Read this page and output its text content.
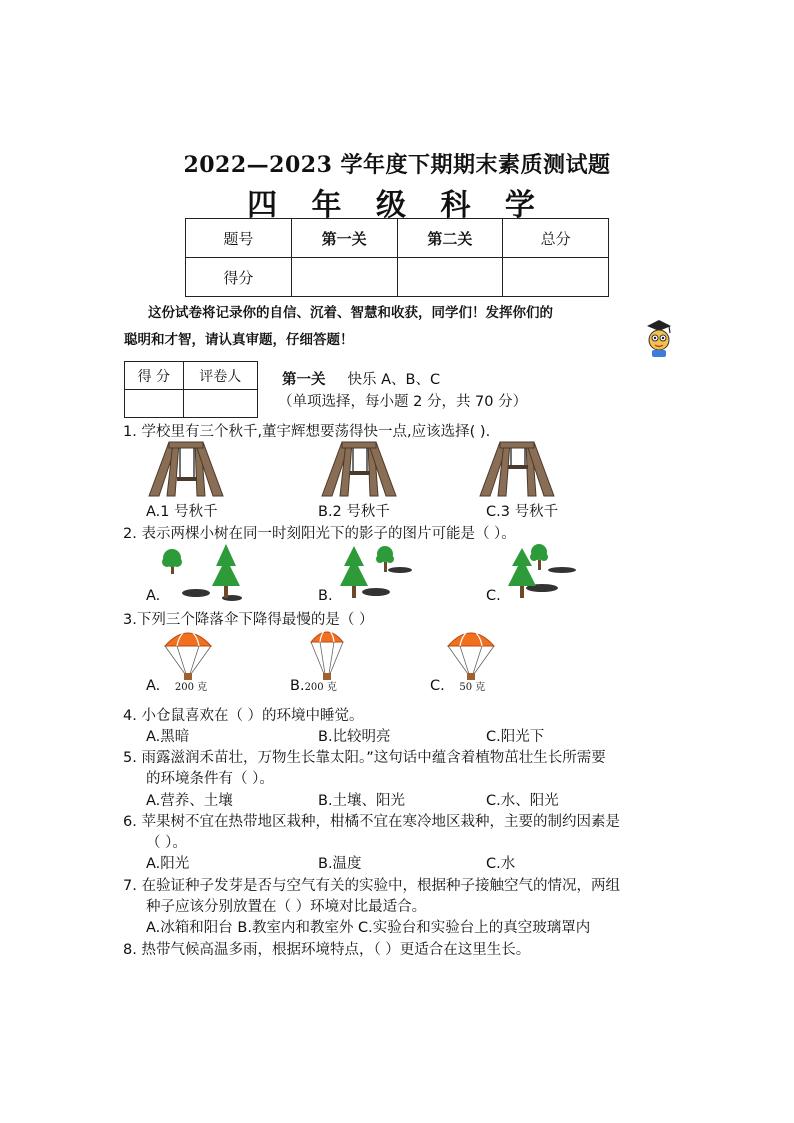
2022—2023 学年度下期期末素质测试题
四 年 级 科 学
题号	第一关	第二关	总分
得分			
这份试卷将记录你的自信、沉着、智慧和收获，同学们！发挥你们的
聪明和才智，请认真审题，仔细答题！
得 分	评卷人
		第一关 快乐 A、B、C
（单项选择，每小题 2 分，共 70 分）
1. 学校里有三个秋千,董宇辉想要荡得快一点,应该选择( ).
A.1 号秋千	B.2 号秋千	C.3 号秋千
2. 表示两棵小树在同一时刻阳光下的影子的图片可能是（ ）。
A.	B.	C.
3.下列三个降落伞下降得最慢的是（ ）
A. 200 克	B.200 克	C. 50 克
4. 小仓鼠喜欢在（ ）的环境中睡觉。
A.黑暗	B.比较明亮	C.阳光下
5. 雨露滋润禾苗壮，万物生长靠太阳。”这句话中蕴含着植物茁壮生长所需要
的环境条件有（ ）。
A.营养、土壤	B.土壤、阳光	C.水、阳光
6. 苹果树不宜在热带地区栽种，柑橘不宜在寒冷地区栽种，主要的制约因素是
（ ）。
A.阳光	B.温度	C.水
7. 在验证种子发芽是否与空气有关的实验中，根据种子接触空气的情况，两组
种子应该分别放置在（ ）环境对比最适合。
A.冰箱和阳台 B.教室内和教室外 C.实验台和实验台上的真空玻璃罩内
8. 热带气候高温多雨，根据环境特点，（ ）更适合在这里生长。
